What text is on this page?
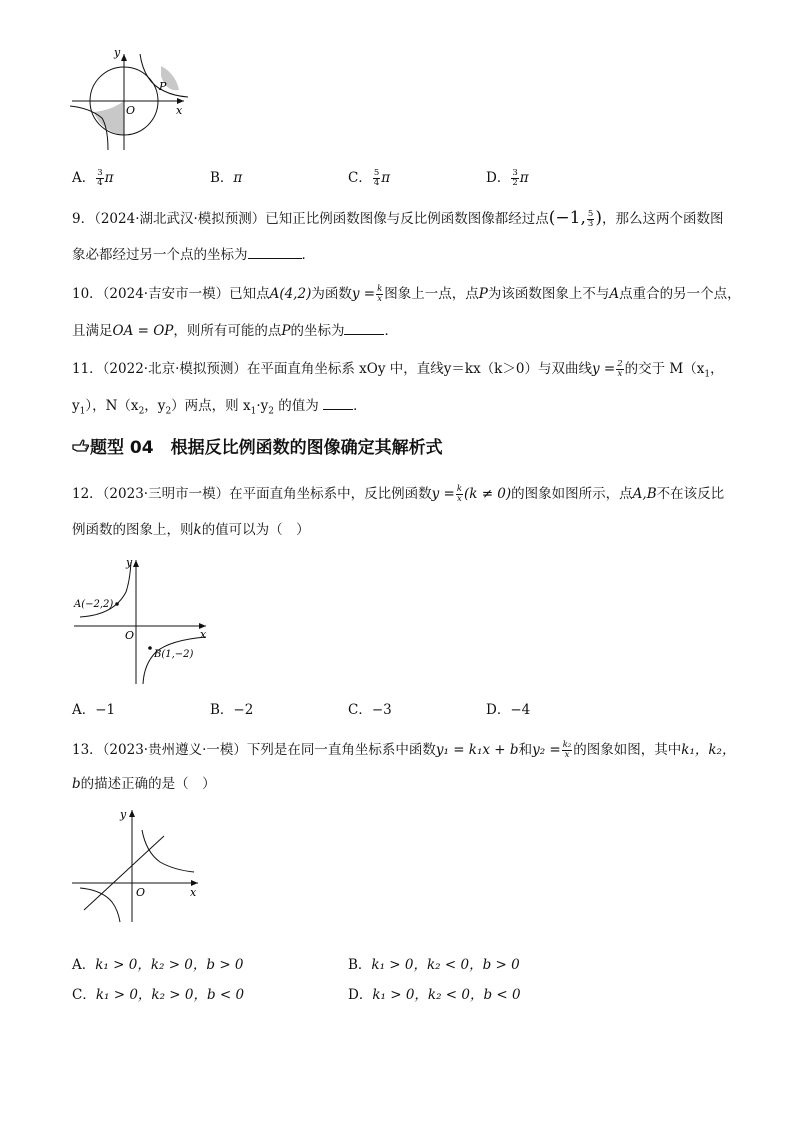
y
x
O
P
A． $\frac{3}{4}$ π	B．π	C． $\frac{5}{4}$ π	D． $\frac{3}{2}$ π
9．（2024·湖北武汉·模拟预测）已知正比例函数图像与反比例函数图像都经过点(−1, $\frac{5}{3}$ )，那么这两个函数图
象必都经过另一个点的坐标为	．
10．（2024·吉安市一模）已知点A(4,2)为函数$y = \frac{k}{x}$ 图象上一点，点P为该函数图象上不与A点重合的另一个点，
且满足OA = OP，则所有可能的点P的坐标为	．
11．（2022·北京·模拟预测）在平面直角坐标系 xOy 中，直线y＝kx（k＞0）与双曲线$y = \frac{2}{x}$ 的交于 $M(x_1$，
$y_1$），$N(x_2$，$y_2$）两点，则 $x_1\cdot y_2$ 的值为 ．
题型 04　根据反比例函数的图像确定其解析式
12．（2023·三明市一模）在平面直角坐标系中，反比例函数$y = \frac{k}{x} (k \ne 0)$的图象如图所示，点A,B不在该反比
例函数的图象上，则k的值可以为（　）
y
x
O
A(−2,2)
B(1,−2)
A．−1	B．−2	C．−3	D．−4
13．（2023·贵州遵义·一模）下列是在同一直角坐标系中函数y₁ = k₁x + b和$y_2 = \frac{\text{k₂}}{x}$ 的图象如图，其中k₁，k₂，
b的描述正确的是（　）
y
x
O
A．k₁ > 0，k₂ > 0，b > 0	B．k₁ > 0，k₂ < 0，b > 0
C．k₁ > 0，k₂ > 0，b < 0	D．k₁ > 0，k₂ < 0，b < 0
